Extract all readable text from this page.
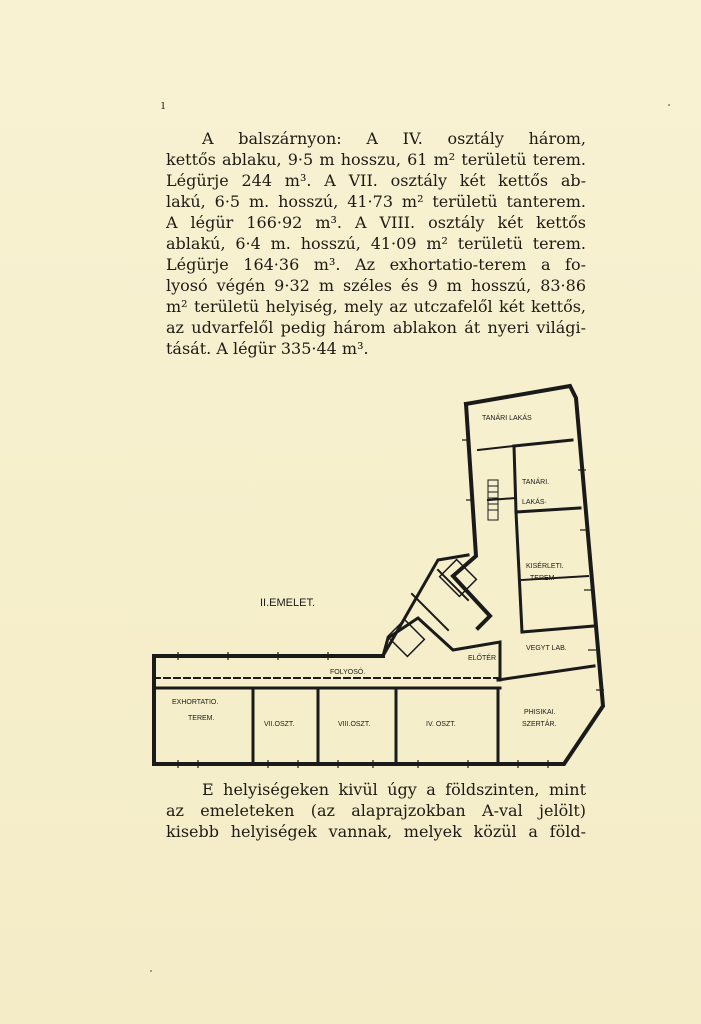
ı
A balszárnyon: A IV. osztály három,
kettős ablaku, 9·5 m hosszu, 61 m² területü terem.
Légürje 244 m³. A VII. osztály két kettős ab-
lakú, 6·5 m. hosszú, 41·73 m² területü tanterem.
A légür 166·92 m³. A VIII. osztály két kettős
ablakú, 6·4 m. hosszú, 41·09 m² területü terem.
Légürje 164·36 m³. Az exhortatio-terem a fo-
lyosó végén 9·32 m széles és 9 m hosszú, 83·86
m² területü helyiség, mely az utczafelől két kettős,
az udvarfelől pedig három ablakon át nyeri világi-
tását. A légür 335·44 m³.
II.EMELET.
TANÁRI LAKÁS
TANÁRI.
LAKÁS·
KISÉRLETI.
TEREM·
VEGYT LAB.
ELŐTÉR
FOLYOSÓ.
EXHORTATIO.
TEREM.
VII.OSZT.	VIII.OSZT.	IV. OSZT.
PHISIKAI.
SZERTÁR.
E helyiségeken kivül úgy a földszinten, mint
az emeleteken (az alaprajzokban A-val jelölt)
kisebb helyiségek vannak, melyek közül a föld-
